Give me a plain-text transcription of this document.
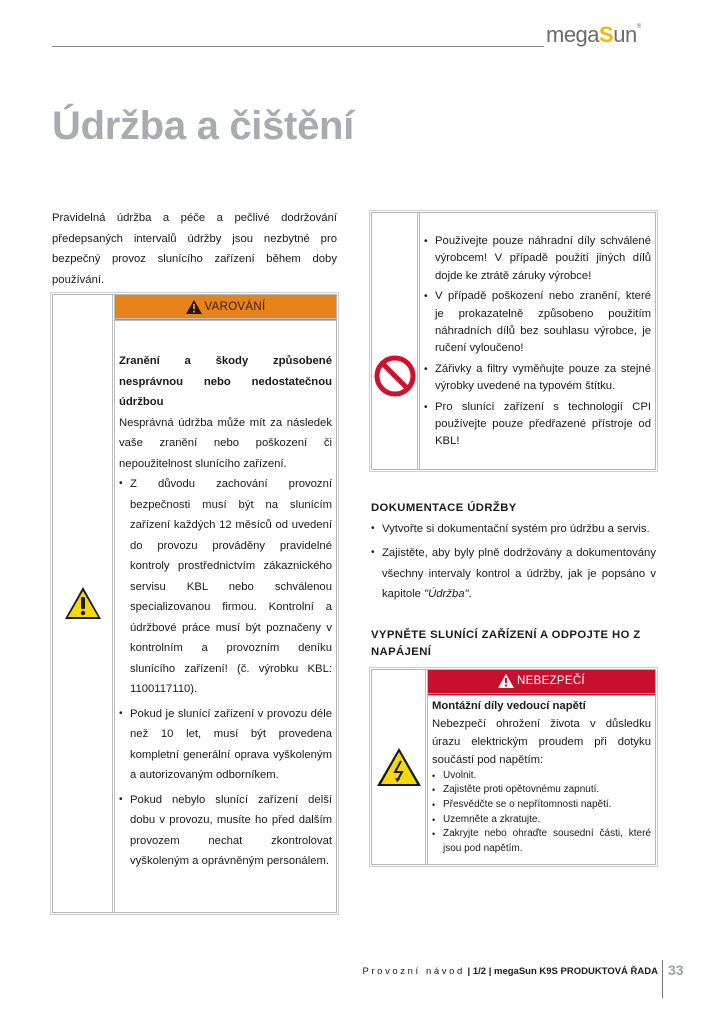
megaSun®
Údržba a čištění

Pravidelná údržba a péče a pečlivé dodržování předepsaných intervalů údržby jsou nezbytné pro bezpečný provoz slunícího zařízení během doby používání.

VAROVÁNÍ
Zranění a škody způsobené nesprávnou nebo nedostatečnou údržbou
Nesprávná údržba může mít za následek vaše zranění nebo poškození či nepoužitelnost slunícího zařízení.
• Z důvodu zachování provozní bezpečnosti musí být na slunícím zařízení každých 12 měsíců od uvedení do provozu prováděny pravidelné kontroly prostřednictvím zákaznického servisu KBL nebo schválenou specializovanou firmou. Kontrolní a údržbové práce musí být poznačeny v kontrolním a provozním deníku slunícího zařízení! (č. výrobku KBL: 1100117110).
• Pokud je slunící zařízení v provozu déle než 10 let, musí být provedena kompletní generální oprava vyškoleným a autorizovaným odborníkem.
• Pokud nebylo slunící zařízení delší dobu v provozu, musíte ho před dalším provozem nechat zkontrolovat vyškoleným a oprávněným personálem.
• Používejte pouze náhradní díly schválené výrobcem! V případě použití jiných dílů dojde ke ztrátě záruky výrobce!
• V případě poškození nebo zranění, které je prokazatelně způsobeno použitím náhradních dílů bez souhlasu výrobce, je ručení vyloučeno!
• Zářivky a filtry vyměňujte pouze za stejné výrobky uvedené na typovém štítku.
• Pro slunící zařízení s technologií CPI používejte pouze předřazené přístroje od KBL!
DOKUMENTACE ÚDRŽBY
• Vytvořte si dokumentační systém pro údržbu a servis.
• Zajistěte, aby byly plně dodržovány a dokumentovány všechny intervaly kontrol a údržby, jak je popsáno v kapitole "Údržba".
VYPNĚTE SLUNÍCÍ ZAŘÍZENÍ A ODPOJTE HO Z NAPÁJENÍ
NEBEZPEČÍ
Montážní díly vedoucí napětí
Nebezpečí ohrožení života v důsledku úrazu elektrickým proudem při dotyku součástí pod napětím:
• Uvolnit.
• Zajistěte proti opětovnému zapnutí.
• Přesvědčte se o nepřítomnosti napětí.
• Uzemněte a zkratujte.
• Zakryjte nebo ohraďte sousední části, které jsou pod napětím.
Provozní návod | 1/2 | megaSun K9S PRODUKTOVÁ ŘADA 33
